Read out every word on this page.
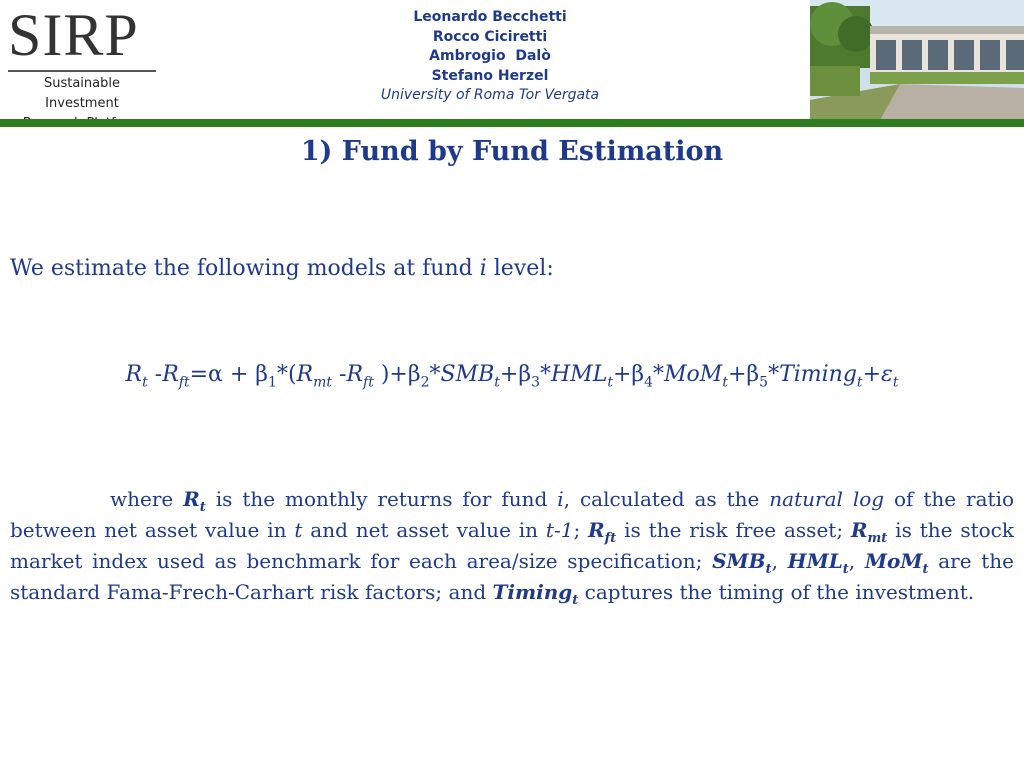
SIRP
Sustainable Investment
Leonardo Becchetti
Rocco Ciciretti
Ambrogio  Dalò
Stefano Herzel
University of Roma Tor Vergata
1) Fund by Fund Estimation
We estimate the following models at fund i level:
$R_t$ $-R_{ft}=\alpha + \beta_1*(R_{mt}$ $-R_{ft}$ )$+\beta_2*SMB_t+\beta_3*HML_t+\beta_4*MoM_t+\beta_5*Timing_t+\varepsilon_t$
where $R_t$ is the monthly returns for fund i, calculated as the natural log of the ratio between net asset value in t and net asset value in t-1; $R_{ft}$ is the risk free asset; $R_{mt}$ is the stock market index used as benchmark for each area/size specification; $SMB_t$, $HML_t$, MoM$_t$ are the standard Fama-Frech-Carhart risk factors; and Timing$_t$ captures the timing of the investment.
